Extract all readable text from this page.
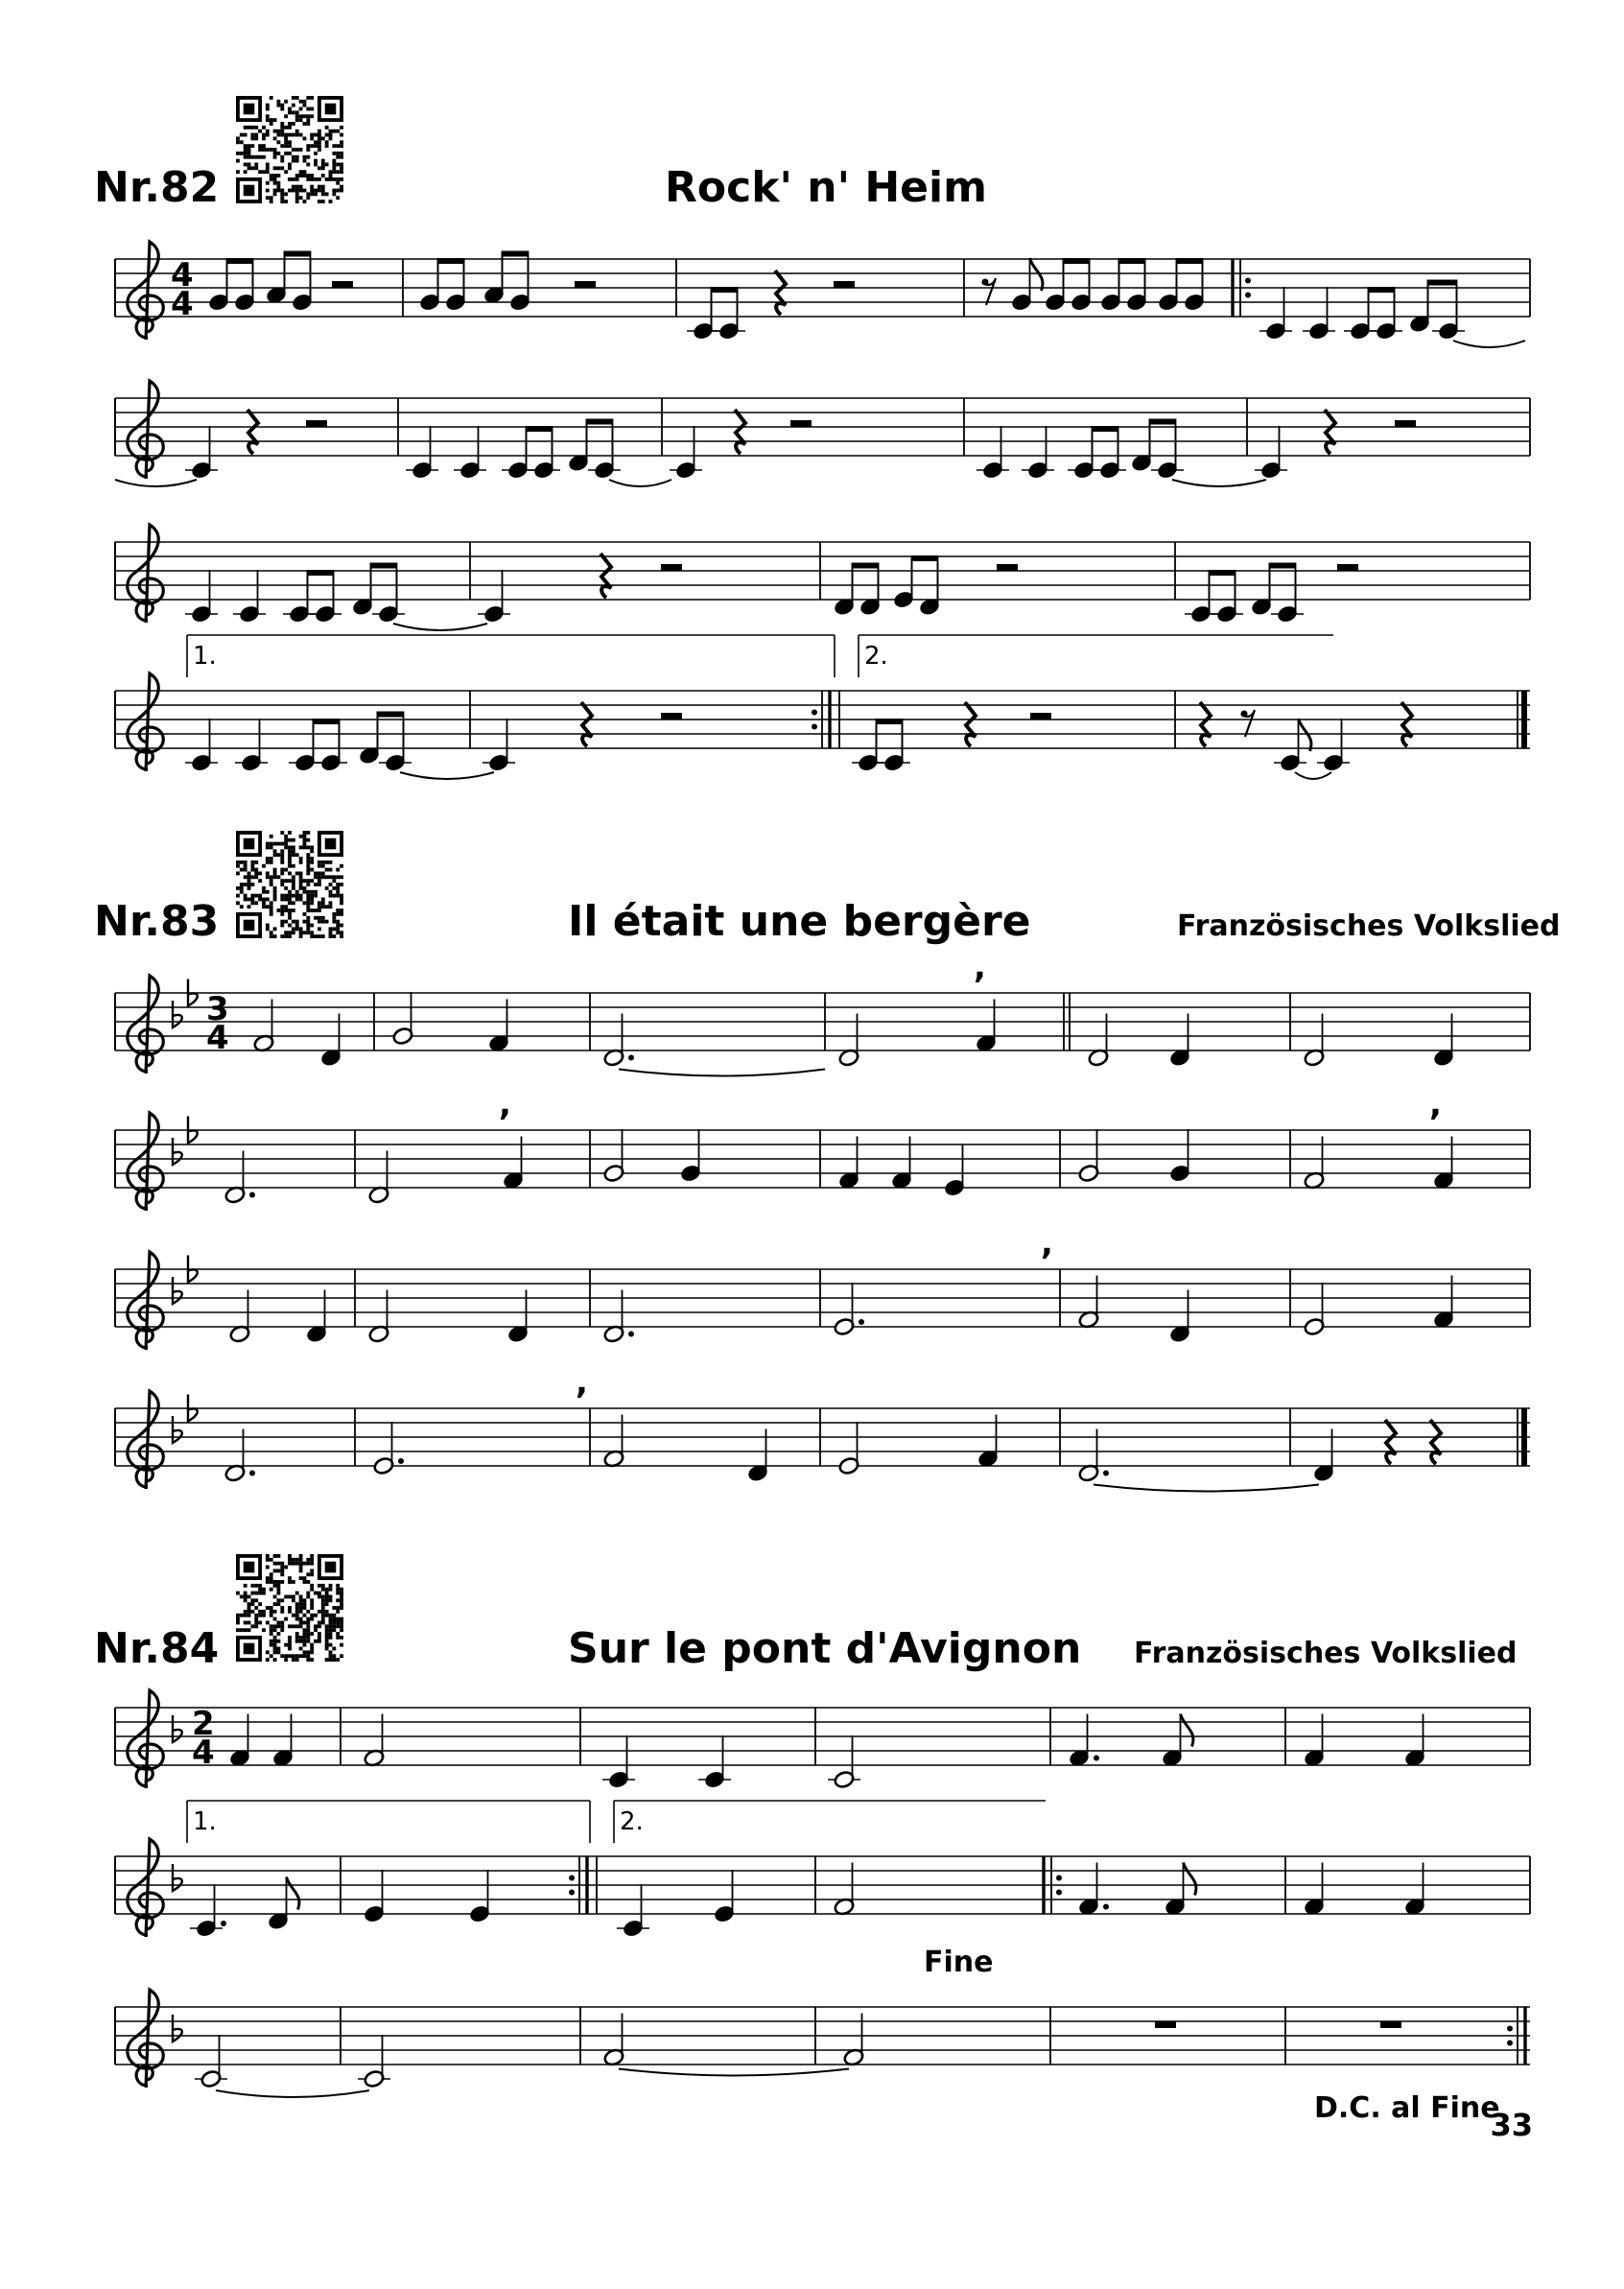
Nr.82	Rock' n' Heim
Nr.83	Il était une bergère	Französisches Volkslied
Nr.84	Sur le pont d'Avignon Französisches Volkslied
4
4
1.	2.
3
4
,
,	,
,
,
2
4
1.	2.
Fine
D.C. al Fine
33
